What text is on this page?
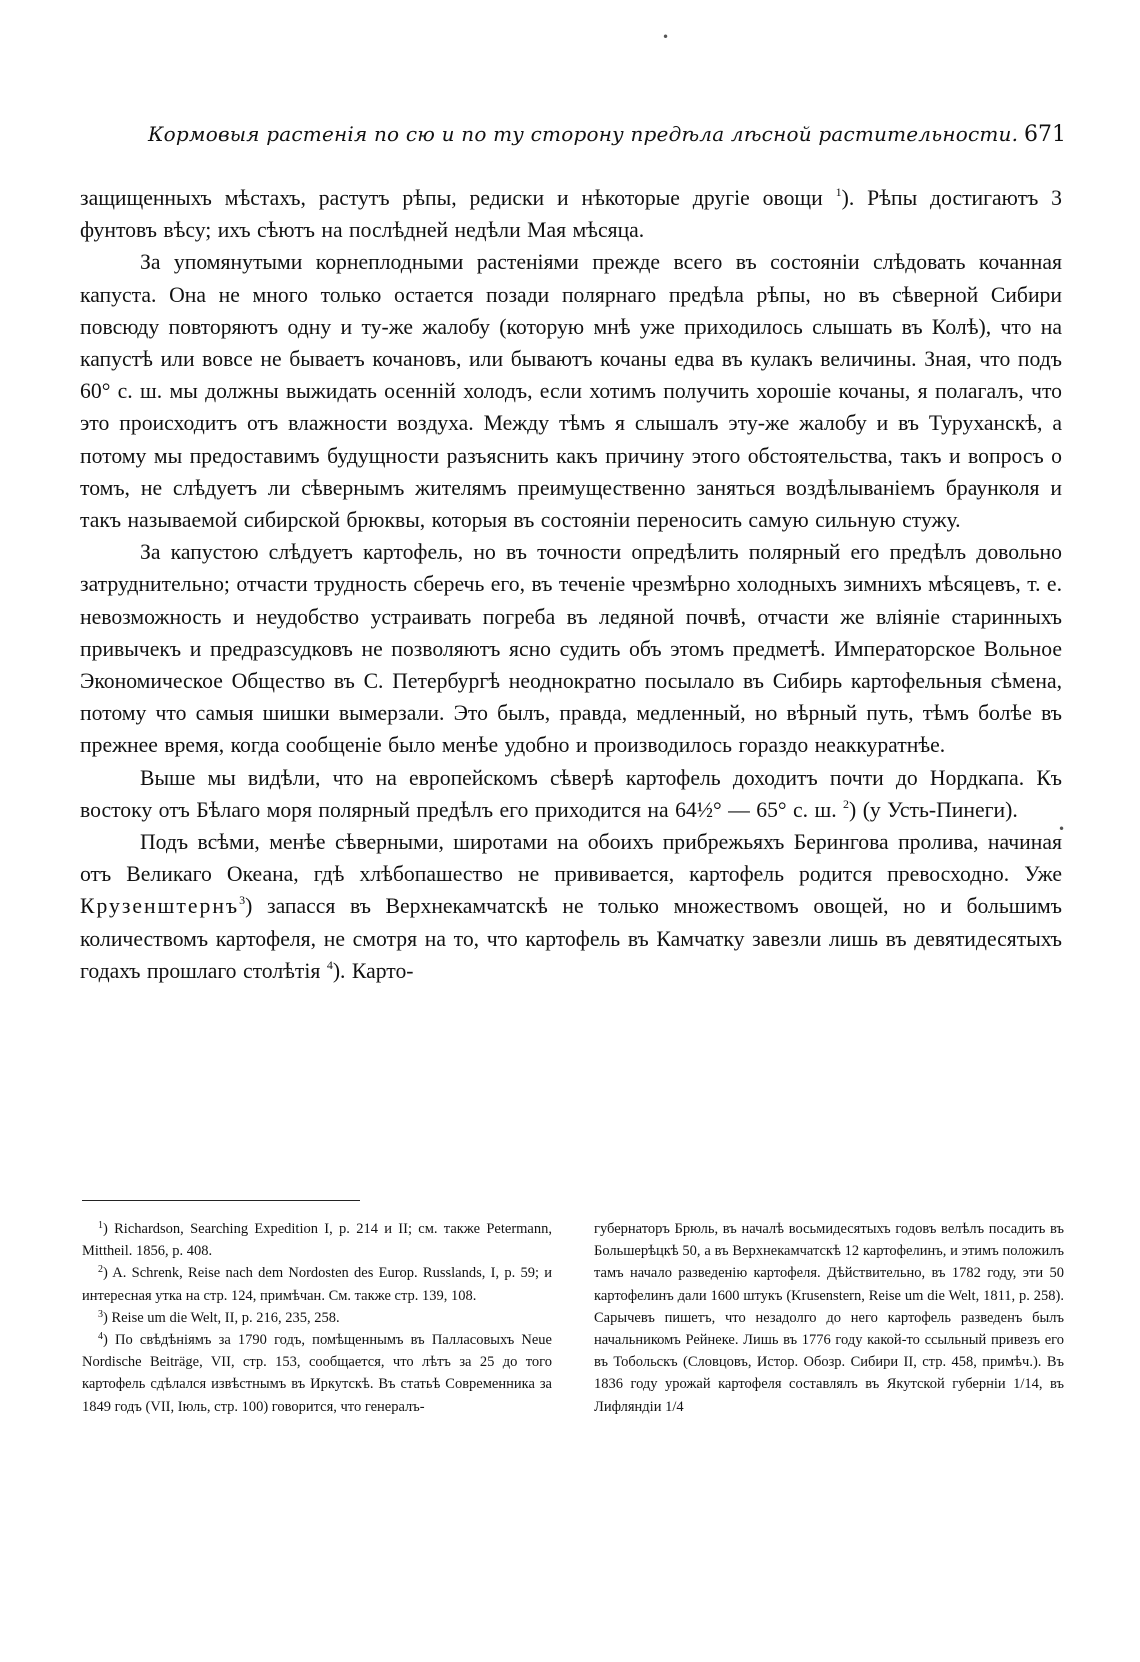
•
•
Кормовыя растенія по сю и по ту сторону предѣла лѣсной растительности. 671

защищенныхъ мѣстахъ, растутъ рѣпы, редиски и нѣкоторые другіе овощи $^1$). Рѣпы достигаютъ 3 фунтовъ вѣсу; ихъ сѣютъ на послѣдней недѣли Мая мѣсяца.

За упомянутыми корнеплодными растеніями прежде всего въ состояніи слѣдовать кочанная капуста. Она не много только остается позади полярнаго предѣла рѣпы, но въ сѣверной Сибири повсюду повторяютъ одну и ту-же жалобу (которую мнѣ уже приходилось слышать въ Колѣ), что на капустѣ или вовсе не бываетъ кочановъ, или бываютъ кочаны едва въ кулакъ величины. Зная, что подъ 60° с. ш. мы должны выжидать осеннiй холодъ, если хотимъ получить хорошіе кочаны, я полагалъ, что это происходитъ отъ влажности воздуха. Между тѣмъ я слышалъ эту-же жалобу и въ Туруханскѣ, а потому мы предоставимъ будущности разъяснить какъ причину этого обстоятельства, такъ и вопросъ о томъ, не слѣдуетъ ли сѣвернымъ жителямъ преимущественно заняться воздѣлываніемъ браунколя и такъ называемой сибирской брюквы, которыя въ состояніи переносить самую сильную стужу.

За капустою слѣдуетъ картофель, но въ точности опредѣлить полярный его предѣлъ довольно затруднительно; отчасти трудность сберечь его, въ теченіе чрезмѣрно холодныхъ зимнихъ мѣсяцевъ, т. е. невозможность и неудобство устраивать погреба въ ледяной почвѣ, отчасти же вліяніе старинныхъ привычекъ и предразсудковъ не позволяютъ ясно судить объ этомъ предметѣ. Императорское Вольное Экономическое Общество въ С. Петербургѣ неоднократно посылало въ Сибирь картофельныя сѣмена, потому что самыя шишки вымерзали. Это былъ, правда, медленный, но вѣрный путь, тѣмъ болѣе въ прежнее время, когда сообщеніе было менѣе удобно и производилось гораздо неаккуратнѣе.

Выше мы видѣли, что на европейскомъ сѣверѣ картофель доходитъ почти до Нордкапа. Къ востоку отъ Бѣлаго моря полярный предѣлъ его приходится на 64½° — 65° с. ш. $^2$) (у Усть-Пинеги).

Подъ всѣми, менѣе сѣверными, широтами на обоихъ прибрежьяхъ Берингова пролива, начиная отъ Великаго Океана, гдѣ хлѣбопашество не прививается, картофель родится превосходно. Уже Крузенштернъ$^3$) запасся въ Верхнекамчатскѣ не только множествомъ овощей, но и большимъ количествомъ картофеля, не смотря на то, что картофель въ Камчатку завезли лишь въ девятидесятыхъ годахъ прошлаго столѣтія $^4$). Карто-

$^1$) Richardson, Searching Expedition I, p. 214 и II; см. также Petermann, Mittheil. 1856, p. 408.

$^2$) A. Schrenk, Reise nach dem Nordosten des Europ. Russlands, I, p. 59; и интересная утка на стр. 124, примѣчан. См. также стр. 139, 108.

$^3$) Reise um die Welt, II, p. 216, 235, 258.

$^4$) По свѣдѣніямъ за 1790 годъ, помѣщеннымъ въ Палласовыхъ Neue Nordische Beiträge, VII, стр. 153, сообщается, что лѣтъ за 25 до того картофель сдѣлался извѣстнымъ въ Иркутскѣ. Въ статьѣ Современника за 1849 годъ (VII, Іюль, стр. 100) говорится, что генералъ-

губернаторъ Брюль, въ началѣ восьмидесятыхъ годовъ велѣлъ посадить въ Большерѣцкѣ 50, а въ Верхнекамчатскѣ 12 картофелинъ, и этимъ положилъ тамъ начало разведенію картофеля. Дѣйствительно, въ 1782 году, эти 50 картофелинъ дали 1600 штукъ (Krusenstern, Reise um die Welt, 1811, p. 258). Сарычевъ пишетъ, что незадолго до него картофель разведенъ былъ начальникомъ Рейнеке. Лишь въ 1776 году какой-то ссыльный привезъ его въ Тобольскъ (Словцовъ, Истор. Обозр. Сибири II, стр. 458, примѣч.). Въ 1836 году урожай картофеля составлялъ въ Якутской губерніи 1/14, въ Лифляндіи 1/4
